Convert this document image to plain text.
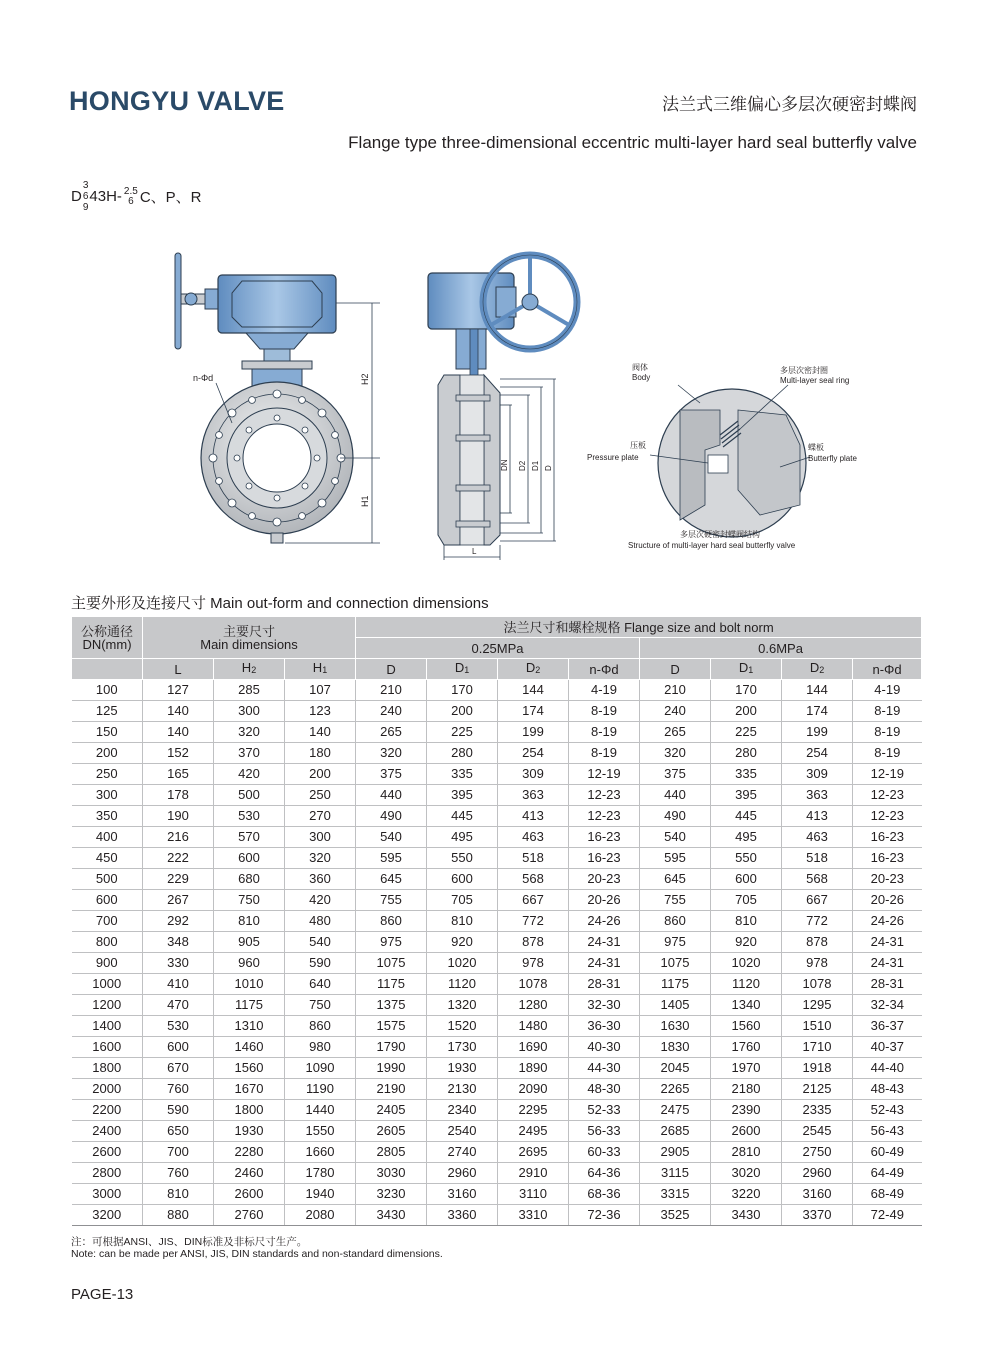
HONGYU VALVE	法兰式三维偏心多层次硬密封蝶阀
Flange type three-dimensional eccentric multi-layer hard seal butterfly valve
D3
6
943H- 2.5
6 C、P、R
n-Φd	H2
H1
DN D2 D1 D
L
阀体
Body
多层次密封圈
Multi-layer seal ring
压板
Pressure plate
蝶板
Butterfly plate
多层次硬密封蝶阀结构
Structure of multi-layer hard seal butterfly valve
主要外形及连接尺寸 Main out-form and connection dimensions
公称通径
DN(mm)	主要尺寸
Main dimensions			法兰尺寸和螺栓规格 Flange size and bolt norm							
				0.25MPa				0.6MPa			
	L	$H_2$	$H_1$	D	$D_1$	$D_2$	n-Φd	D	$D_1$	$D_2$	n-Φd
100	127	285	107	210	170	144	4-19	210	170	144	4-19
125	140	300	123	240	200	174	8-19	240	200	174	8-19
150	140	320	140	265	225	199	8-19	265	225	199	8-19
200	152	370	180	320	280	254	8-19	320	280	254	8-19
250	165	420	200	375	335	309	12-19	375	335	309	12-19
300	178	500	250	440	395	363	12-23	440	395	363	12-23
350	190	530	270	490	445	413	12-23	490	445	413	12-23
400	216	570	300	540	495	463	16-23	540	495	463	16-23
450	222	600	320	595	550	518	16-23	595	550	518	16-23
500	229	680	360	645	600	568	20-23	645	600	568	20-23
600	267	750	420	755	705	667	20-26	755	705	667	20-26
700	292	810	480	860	810	772	24-26	860	810	772	24-26
800	348	905	540	975	920	878	24-31	975	920	878	24-31
900	330	960	590	1075	1020	978	24-31	1075	1020	978	24-31
1000	410	1010	640	1175	1120	1078	28-31	1175	1120	1078	28-31
1200	470	1175	750	1375	1320	1280	32-30	1405	1340	1295	32-34
1400	530	1310	860	1575	1520	1480	36-30	1630	1560	1510	36-37
1600	600	1460	980	1790	1730	1690	40-30	1830	1760	1710	40-37
1800	670	1560	1090	1990	1930	1890	44-30	2045	1970	1918	44-40
2000	760	1670	1190	2190	2130	2090	48-30	2265	2180	2125	48-43
2200	590	1800	1440	2405	2340	2295	52-33	2475	2390	2335	52-43
2400	650	1930	1550	2605	2540	2495	56-33	2685	2600	2545	56-43
2600	700	2280	1660	2805	2740	2695	60-33	2905	2810	2750	60-49
2800	760	2460	1780	3030	2960	2910	64-36	3115	3020	2960	64-49
3000	810	2600	1940	3230	3160	3110	68-36	3315	3220	3160	68-49
3200	880	2760	2080	3430	3360	3310	72-36	3525	3430	3370	72-49
注：可根据ANSI、JIS、DIN标准及非标尺寸生产。
Note: can be made per ANSI, JIS, DIN standards and non-standard dimensions.
PAGE-13
